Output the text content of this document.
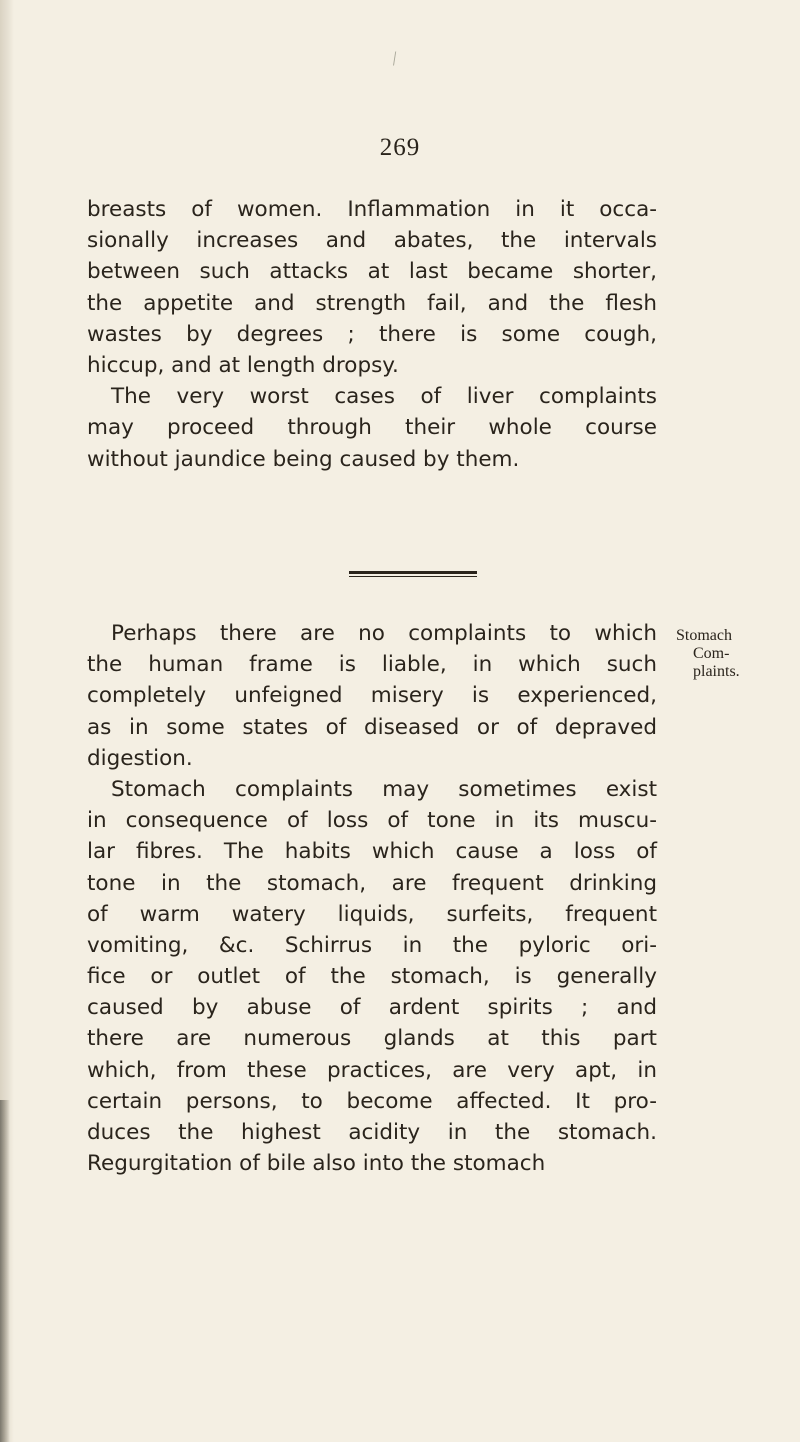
/
269
breasts of women. Inflammation in it occa-
sionally increases and abates, the intervals
between such attacks at last became shorter,
the appetite and strength fail, and the flesh
wastes by degrees ; there is some cough,
hiccup, and at length dropsy.
The very worst cases of liver complaints
may proceed through their whole course
without jaundice being caused by them.
Perhaps there are no complaints to which
the human frame is liable, in which such
completely unfeigned misery is experienced,
as in some states of diseased or of depraved
digestion.
Stomach complaints may sometimes exist
in consequence of loss of tone in its muscu-
lar fibres. The habits which cause a loss of
tone in the stomach, are frequent drinking
of warm watery liquids, surfeits, frequent
vomiting, &c. Schirrus in the pyloric ori-
fice or outlet of the stomach, is generally
caused by abuse of ardent spirits ; and
there are numerous glands at this part
which, from these practices, are very apt, in
certain persons, to become affected. It pro-
duces the highest acidity in the stomach.
Regurgitation of bile also into the stomach
Stomach
Com-
plaints.
